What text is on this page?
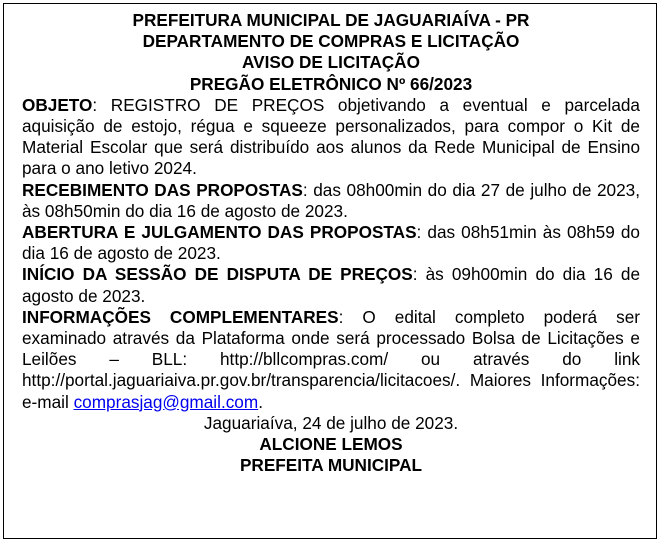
PREFEITURA MUNICIPAL DE JAGUARIAÍVA - PR
DEPARTAMENTO DE COMPRAS E LICITAÇÃO
AVISO DE LICITAÇÃO
PREGÃO ELETRÔNICO Nº 66/2023
OBJETO: REGISTRO DE PREÇOS objetivando a eventual e parcelada aquisição de estojo, régua e squeeze personalizados, para compor o Kit de Material Escolar que será distribuído aos alunos da Rede Municipal de Ensino para o ano letivo 2024.
RECEBIMENTO DAS PROPOSTAS: das 08h00min do dia 27 de julho de 2023, às 08h50min do dia 16 de agosto de 2023.
ABERTURA E JULGAMENTO DAS PROPOSTAS: das 08h51min às 08h59 do dia 16 de agosto de 2023.
INÍCIO DA SESSÃO DE DISPUTA DE PREÇOS: às 09h00min do dia 16 de agosto de 2023.
INFORMAÇÕES COMPLEMENTARES: O edital completo poderá ser examinado através da Plataforma onde será processado Bolsa de Licitações e Leilões – BLL: http://bllcompras.com/ ou através do link http://portal.jaguariaiva.pr.gov.br/transparencia/licitacoes/. Maiores Informações: e-mail comprasjag@gmail.com.
Jaguariaíva, 24 de julho de 2023.
ALCIONE LEMOS
PREFEITA MUNICIPAL
